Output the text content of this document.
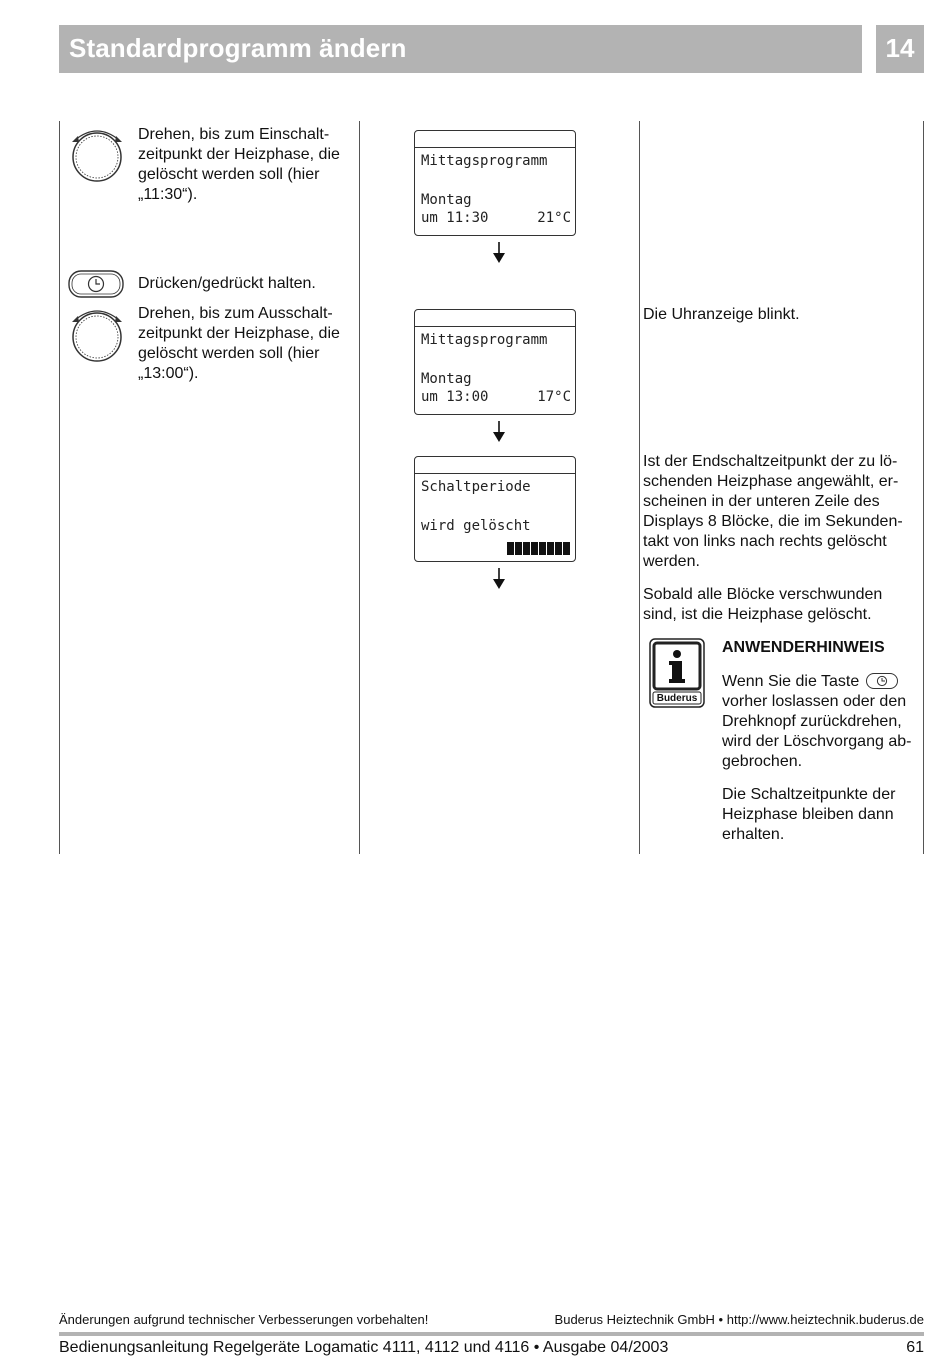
Standardprogramm ändern	14
Drehen, bis zum Einschalt-
zeitpunkt der Heizphase, die
gelöscht werden soll (hier
„11:30“).
Drücken/gedrückt halten.
Drehen, bis zum Ausschalt-
zeitpunkt der Heizphase, die
gelöscht werden soll (hier
„13:00“).
Mittagsprogramm
Montag
um 11:30	21°C
Mittagsprogramm
Montag
um 13:00	17°C
Schaltperiode
wird gelöscht
Die Uhranzeige blinkt.
Ist der Endschaltzeitpunkt der zu lö-
schenden Heizphase angewählt, er-
scheinen in der unteren Zeile des
Displays 8 Blöcke, die im Sekunden-
takt von links nach rechts gelöscht
werden.
Sobald alle Blöcke verschwunden
sind, ist die Heizphase gelöscht.
Buderus
ANWENDERHINWEIS
Wenn Sie die Taste
vorher loslassen oder den
Drehknopf zurückdrehen,
wird der Löschvorgang ab-
gebrochen.
Die Schaltzeitpunkte der
Heizphase bleiben dann
erhalten.
Änderungen aufgrund technischer Verbesserungen vorbehalten!	Buderus Heiztechnik GmbH • http://www.heiztechnik.buderus.de
Bedienungsanleitung Regelgeräte Logamatic 4111, 4112 und 4116 • Ausgabe 04/2003	61
